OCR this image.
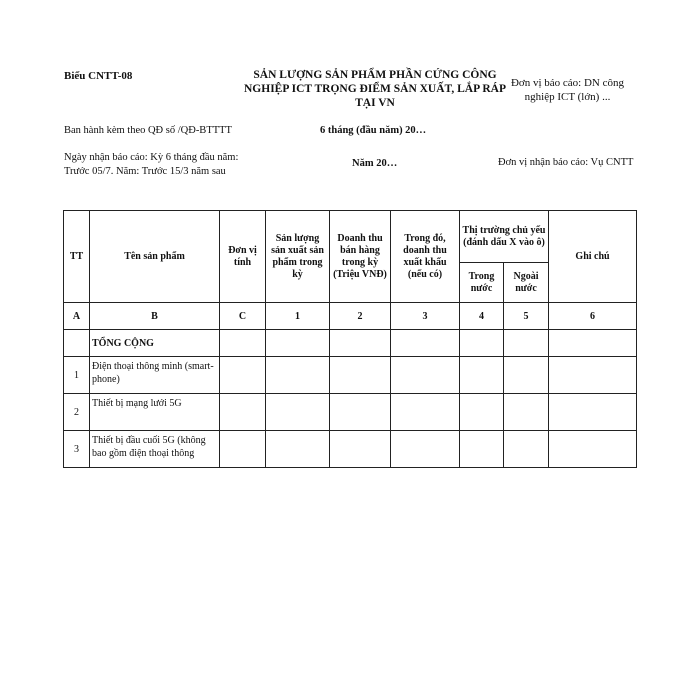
Biểu CNTT-08	SẢN LƯỢNG SẢN PHẨM PHẦN CỨNG CÔNG
NGHIỆP ICT TRỌNG ĐIỂM SẢN XUẤT, LẮP RÁP
TẠI VN
Đơn vị báo cáo: DN công
nghiệp ICT (lớn) ...
Ban hành kèm theo QĐ số /QĐ-BTTTT	6 tháng (đầu năm) 20…
Ngày nhận báo cáo: Kỳ 6 tháng đầu năm:
Trước 05/7. Năm: Trước 15/3 năm sau
Năm 20…	Đơn vị nhận báo cáo: Vụ CNTT
TT	Tên sản phẩm	Đơn vị tính	Sản lượng sản xuất sản phẩm trong kỳ	Doanh thu bán hàng trong kỳ (Triệu VNĐ)	Trong đó, doanh thu xuất khẩu (nếu có)	Thị trường chủ yếu (đánh dấu X vào ô)		Ghi chú
						Trong nước	Ngoài nước	
A	B	C	1	2	3	4	5	6
	TỔNG CỘNG							
1	Điện thoại thông minh (smart-phone)							
2	Thiết bị mạng lưới 5G							
3	Thiết bị đầu cuối 5G (không bao gồm điện thoại thông							
